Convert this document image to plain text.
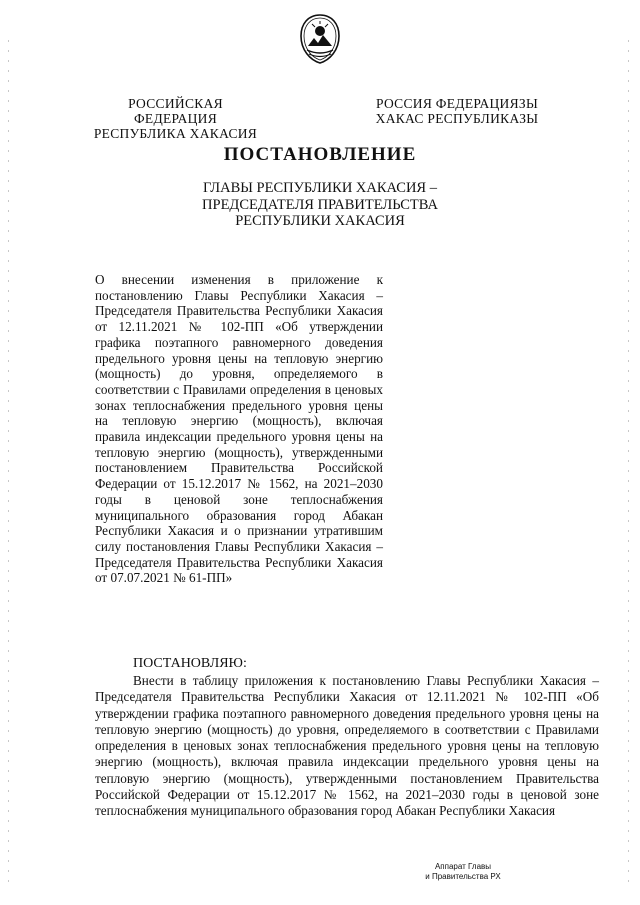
РОССИЙСКАЯ ФЕДЕРАЦИЯ
РЕСПУБЛИКА ХАКАСИЯ
РОССИЯ ФЕДЕРАЦИЯЗЫ
ХАКАС РЕСПУБЛИКАЗЫ
ПОСТАНОВЛЕНИЕ
ГЛАВЫ РЕСПУБЛИКИ ХАКАСИЯ –
ПРЕДСЕДАТЕЛЯ ПРАВИТЕЛЬСТВА
РЕСПУБЛИКИ ХАКАСИЯ
О внесении изменения в приложение к постановлению Главы Республики Хакасия – Председателя Правительства Республики Хакасия от 12.11.2021 № 102-ПП «Об утверждении графика поэтапного равномерного доведения предельного уровня цены на тепловую энергию (мощность) до уровня, определяемого в соответствии с Правилами определения в ценовых зонах теплоснабжения предельного уровня цены на тепловую энергию (мощность), включая правила индексации предельного уровня цены на тепловую энергию (мощность), утвержденными постановлением Правительства Российской Федерации от 15.12.2017 № 1562, на 2021–2030 годы в ценовой зоне теплоснабжения муниципального образования город Абакан Республики Хакасия и о признании утратившим силу постановления Главы Республики Хакасия – Председателя Правительства Республики Хакасия
от 07.07.2021 № 61-ПП»
ПОСТАНОВЛЯЮ:
Внести в таблицу приложения к постановлению Главы Республики Хакасия – Председателя Правительства Республики Хакасия от 12.11.2021 № 102-ПП «Об утверждении графика поэтапного равномерного доведения предельного уровня цены на тепловую энергию (мощность) до уровня, определяемого в соответствии с Правилами определения в ценовых зонах теплоснабжения предельного уровня цены на тепловую энергию (мощность), включая правила индексации предельного уровня цены на тепловую энергию (мощность), утвержденными постановлением Правительства Российской Федерации от 15.12.2017 № 1562, на 2021–2030 годы в ценовой зоне теплоснабжения муниципального образования город Абакан Республики Хакасия
Аппарат Главы
и Правительства РХ
